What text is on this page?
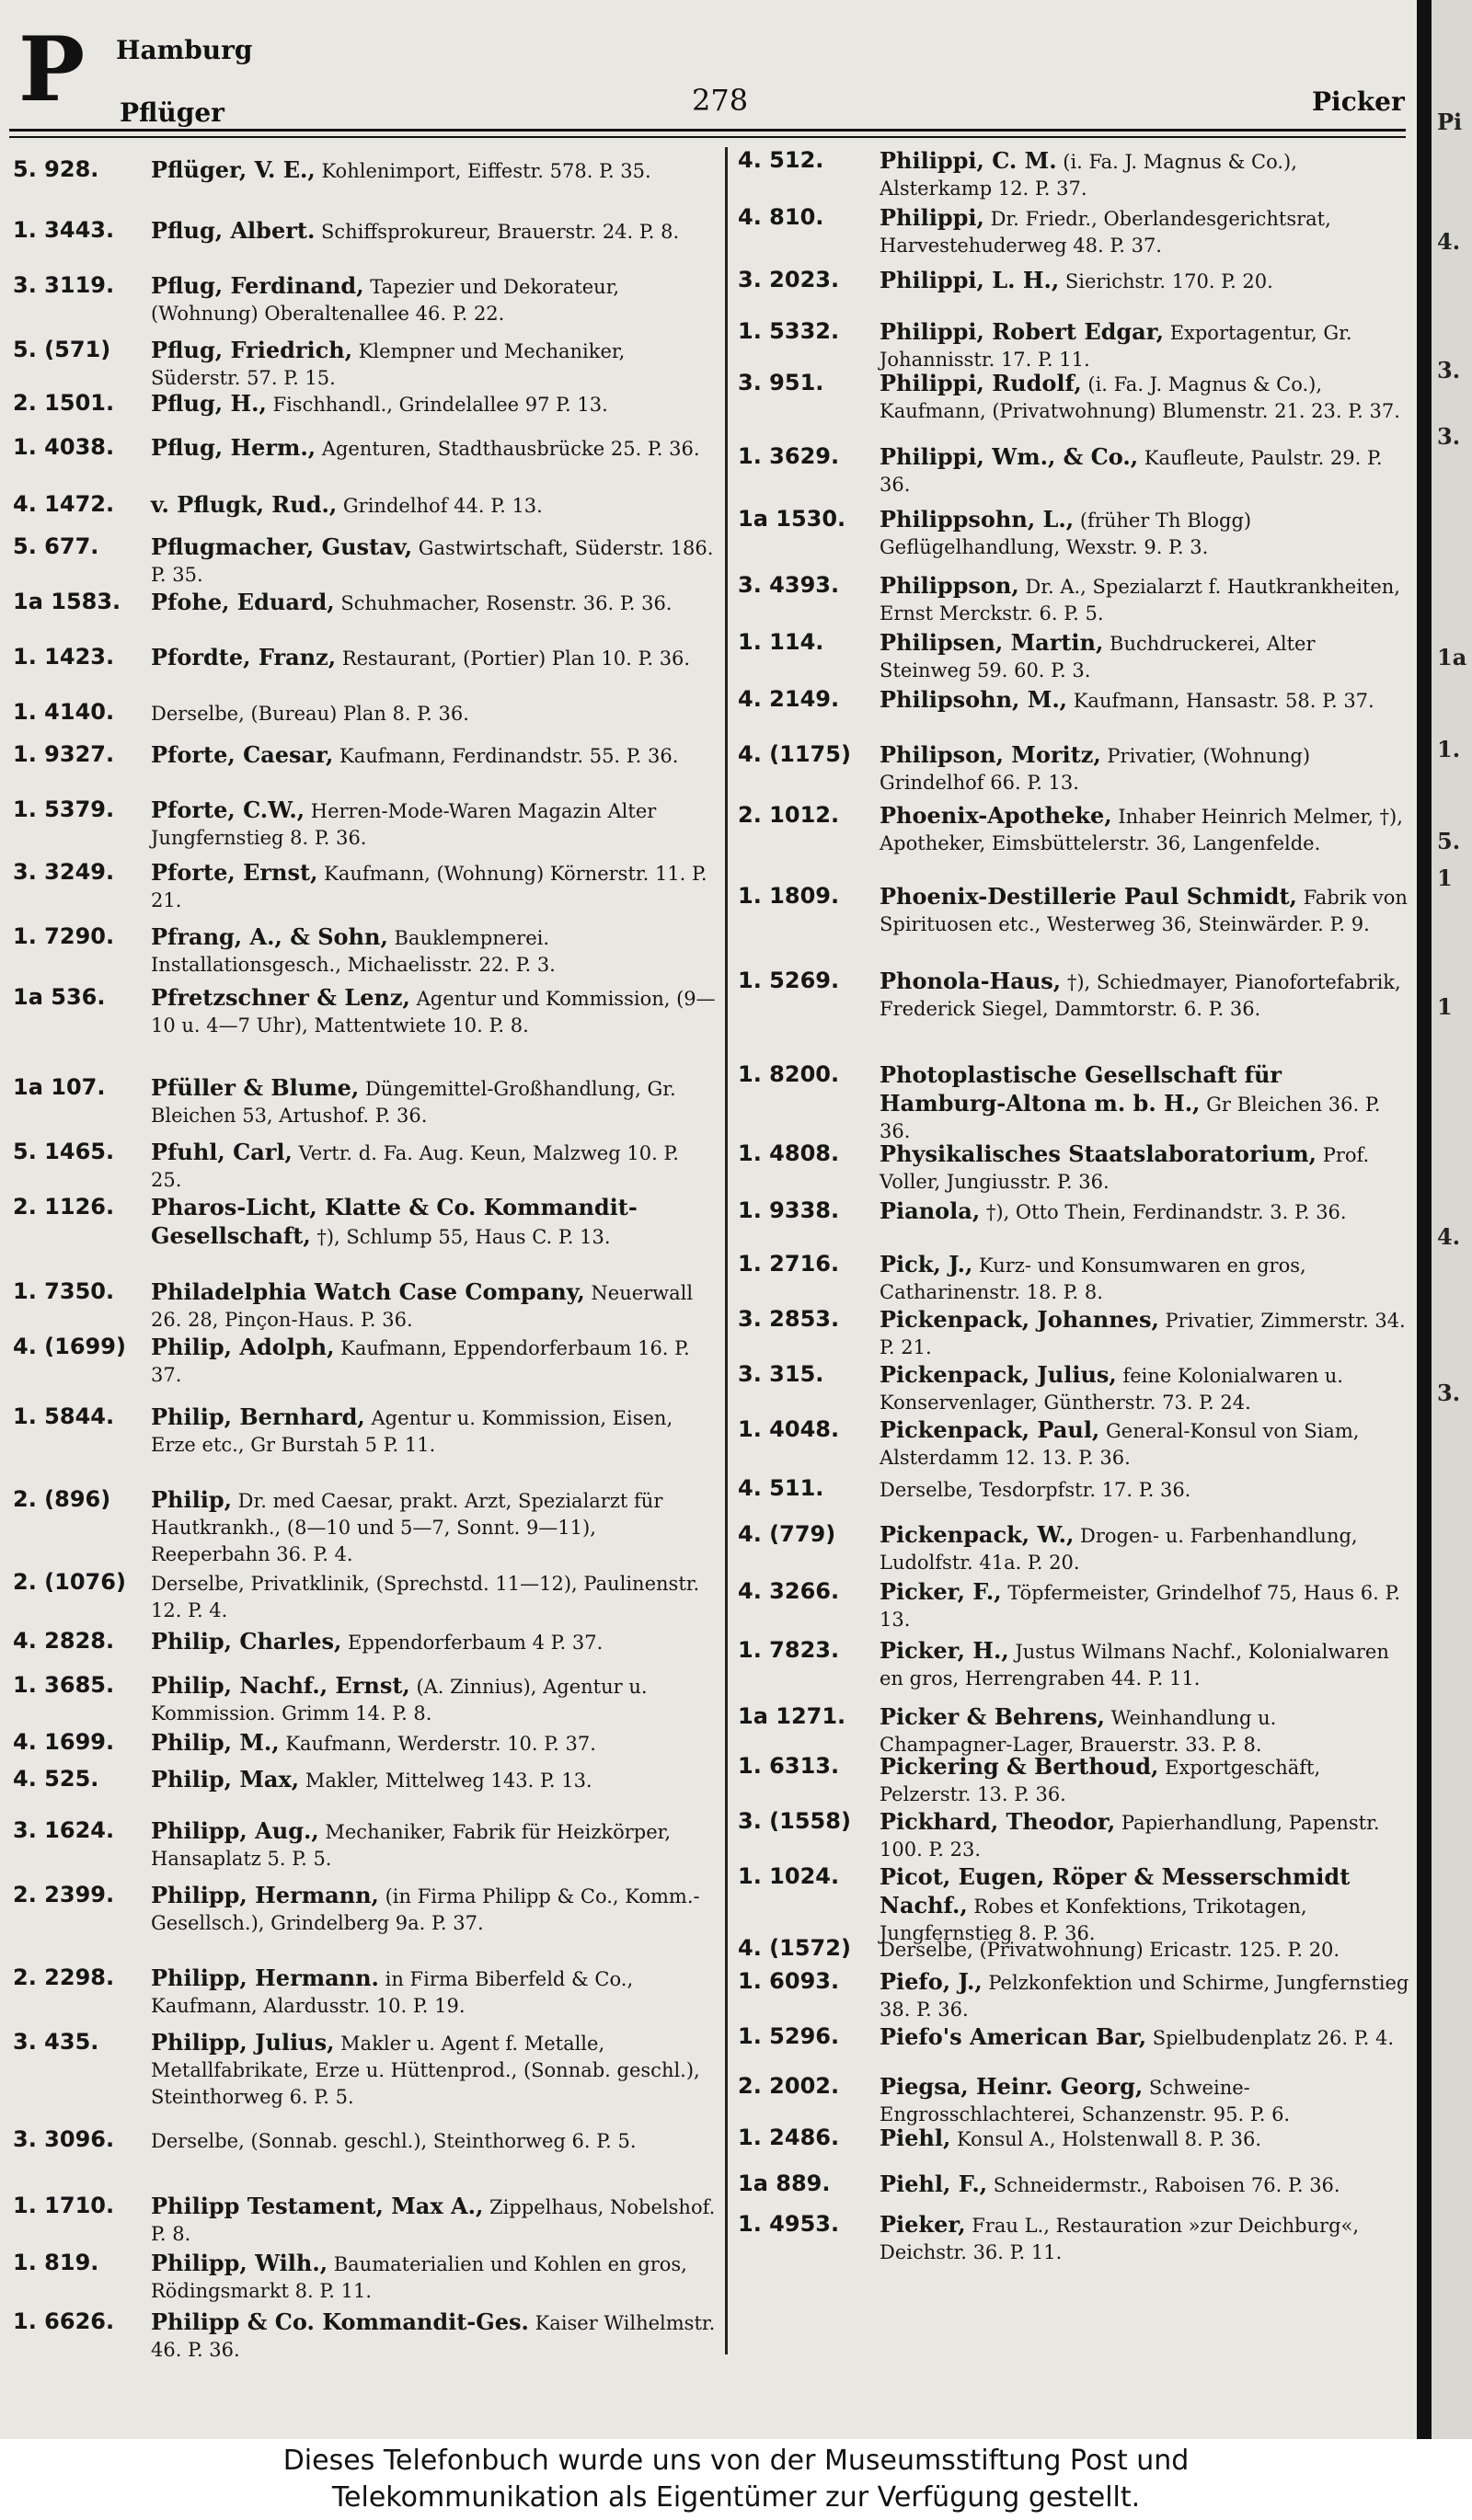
P Hamburg
Pflüger	278	Picker
5. 928. Pflüger, V. E., Kohlenimport, Eiffestr. 578. P. 35.
1. 3443. Pflug, Albert. Schiffsprokureur, Brauerstr. 24. P. 8.
3. 3119. Pflug, Ferdinand, Tapezier und Dekorateur, (Wohnung) Oberaltenallee 46. P. 22.
5. (571) Pflug, Friedrich, Klempner und Mechaniker, Süderstr. 57. P. 15.
2. 1501. Pflug, H., Fischhandl., Grindelallee 97 P. 13.
1. 4038. Pflug, Herm., Agenturen, Stadthausbrücke 25. P. 36.
4. 1472. v. Pflugk, Rud., Grindelhof 44. P. 13.
5. 677. Pflugmacher, Gustav, Gastwirtschaft, Süderstr. 186. P. 35.
1a 1583. Pfohe, Eduard, Schuhmacher, Rosenstr. 36. P. 36.
1. 1423. Pfordte, Franz, Restaurant, (Portier) Plan 10. P. 36.
1. 4140. Derselbe, (Bureau) Plan 8. P. 36.
1. 9327. Pforte, Caesar, Kaufmann, Ferdinandstr. 55. P. 36.
1. 5379. Pforte, C.W., Herren-Mode-Waren Magazin Alter Jungfernstieg 8. P. 36.
3. 3249. Pforte, Ernst, Kaufmann, (Wohnung) Körnerstr. 11. P. 21.
1. 7290. Pfrang, A., & Sohn, Bauklempnerei. Installationsgesch., Michaelisstr. 22. P. 3.
1a 536. Pfretzschner & Lenz, Agentur und Kommission, (9—10 u. 4—7 Uhr), Mattentwiete 10. P. 8.
1a 107. Pfüller & Blume, Düngemittel-Großhandlung, Gr. Bleichen 53, Artushof. P. 36.
5. 1465. Pfuhl, Carl, Vertr. d. Fa. Aug. Keun, Malzweg 10. P. 25.
2. 1126. Pharos-Licht, Klatte & Co. Kommandit-Gesellschaft, †), Schlump 55, Haus C. P. 13.
1. 7350. Philadelphia Watch Case Company, Neuerwall 26. 28, Pinçon-Haus. P. 36.
4. (1699) Philip, Adolph, Kaufmann, Eppendorferbaum 16. P. 37.
1. 5844. Philip, Bernhard, Agentur u. Kommission, Eisen, Erze etc., Gr Burstah 5 P. 11.
2. (896) Philip, Dr. med Caesar, prakt. Arzt, Spezialarzt für Hautkrankh., (8—10 und 5—7, Sonnt. 9—11), Reeperbahn 36. P. 4.
2. (1076) Derselbe, Privatklinik, (Sprechstd. 11—12), Paulinenstr. 12. P. 4.
4. 2828. Philip, Charles, Eppendorferbaum 4 P. 37.
1. 3685. Philip, Nachf., Ernst, (A. Zinnius), Agentur u. Kommission. Grimm 14. P. 8.
4. 1699. Philip, M., Kaufmann, Werderstr. 10. P. 37.
4. 525. Philip, Max, Makler, Mittelweg 143. P. 13.
3. 1624. Philipp, Aug., Mechaniker, Fabrik für Heizkörper, Hansaplatz 5. P. 5.
2. 2399. Philipp, Hermann, (in Firma Philipp & Co., Komm.-Gesellsch.), Grindelberg 9a. P. 37.
2. 2298. Philipp, Hermann. in Firma Biberfeld & Co., Kaufmann, Alardusstr. 10. P. 19.
3. 435. Philipp, Julius, Makler u. Agent f. Metalle, Metallfabrikate, Erze u. Hüttenprod., (Sonnab. geschl.), Steinthorweg 6. P. 5.
3. 3096. Derselbe, (Sonnab. geschl.), Steinthorweg 6. P. 5.
1. 1710. Philipp Testament, Max A., Zippelhaus, Nobelshof. P. 8.
1. 819. Philipp, Wilh., Baumaterialien und Kohlen en gros, Rödingsmarkt 8. P. 11.
1. 6626. Philipp & Co. Kommandit-Ges. Kaiser Wilhelmstr. 46. P. 36.
4. 512.	Philippi, C. M. (i. Fa. J. Magnus & Co.), Alsterkamp 12. P. 37.
4. 810.	Philippi, Dr. Friedr., Oberlandesgerichtsrat, Harvestehuderweg 48. P. 37.
3. 2023. Philippi, L. H., Sierichstr. 170. P. 20.
1. 5332. Philippi, Robert Edgar, Exportagentur, Gr. Johannisstr. 17. P. 11.
3. 951.	Philippi, Rudolf, (i. Fa. J. Magnus & Co.), Kaufmann, (Privatwohnung) Blumenstr. 21. 23. P. 37.
1. 3629. Philippi, Wm., & Co., Kaufleute, Paulstr. 29. P. 36.
1a 1530. Philippsohn, L., (früher Th Blogg) Geflügelhandlung, Wexstr. 9. P. 3.
3. 4393. Philippson, Dr. A., Spezialarzt f. Hautkrankheiten, Ernst Merckstr. 6. P. 5.
1. 114.	Philipsen, Martin, Buchdruckerei, Alter Steinweg 59. 60. P. 3.
4. 2149. Philipsohn, M., Kaufmann, Hansastr. 58. P. 37.
4. (1175) Philipson, Moritz, Privatier, (Wohnung) Grindelhof 66. P. 13.
2. 1012. Phoenix-Apotheke, Inhaber Heinrich Melmer, †), Apotheker, Eimsbüttelerstr. 36, Langenfelde.
1. 1809. Phoenix-Destillerie Paul Schmidt, Fabrik von Spirituosen etc., Westerweg 36, Steinwärder. P. 9.
1. 5269. Phonola-Haus, †), Schiedmayer, Pianofortefabrik, Frederick Siegel, Dammtorstr. 6. P. 36.
1. 8200. Photoplastische Gesellschaft für Hamburg-Altona m. b. H., Gr Bleichen 36. P. 36.
1. 4808. Physikalisches Staatslaboratorium, Prof. Voller, Jungiusstr. P. 36.
1. 9338. Pianola, †), Otto Thein, Ferdinandstr. 3. P. 36.
1. 2716. Pick, J., Kurz- und Konsumwaren en gros, Catharinenstr. 18. P. 8.
3. 2853. Pickenpack, Johannes, Privatier, Zimmerstr. 34. P. 21.
3. 315.	Pickenpack, Julius, feine Kolonialwaren u. Konservenlager, Güntherstr. 73. P. 24.
1. 4048. Pickenpack, Paul, General-Konsul von Siam, Alsterdamm 12. 13. P. 36.
4. 511.	Derselbe, Tesdorpfstr. 17. P. 36.
4. (779) Pickenpack, W., Drogen- u. Farbenhandlung, Ludolfstr. 41a. P. 20.
4. 3266. Picker, F., Töpfermeister, Grindelhof 75, Haus 6. P. 13.
1. 7823. Picker, H., Justus Wilmans Nachf., Kolonialwaren en gros, Herrengraben 44. P. 11.
1a 1271. Picker & Behrens, Weinhandlung u. Champagner-Lager, Brauerstr. 33. P. 8.
1. 6313. Pickering & Berthoud, Exportgeschäft, Pelzerstr. 13. P. 36.
3. (1558) Pickhard, Theodor, Papierhandlung, Papenstr. 100. P. 23.
1. 1024. Picot, Eugen, Röper & Messerschmidt Nachf., Robes et Konfektions, Trikotagen, Jungfernstieg 8. P. 36.
4. (1572) Derselbe, (Privatwohnung) Ericastr. 125. P. 20.
1. 6093. Piefo, J., Pelzkonfektion und Schirme, Jungfernstieg 38. P. 36.
1. 5296. Piefo's American Bar, Spielbudenplatz 26. P. 4.
2. 2002. Piegsa, Heinr. Georg, Schweine-Engrosschlachterei, Schanzenstr. 95. P. 6.
1. 2486. Piehl, Konsul A., Holstenwall 8. P. 36.
1a 889. Piehl, F., Schneidermstr., Raboisen 76. P. 36.
1. 4953. Pieker, Frau L., Restauration »zur Deichburg«, Deichstr. 36. P. 11.
Pi
4.
3.
3.
1a
1.
5.
1
1
4.
3.
Dieses Telefonbuch wurde uns von der Museumsstiftung Post und
Telekommunikation als Eigentümer zur Verfügung gestellt.
